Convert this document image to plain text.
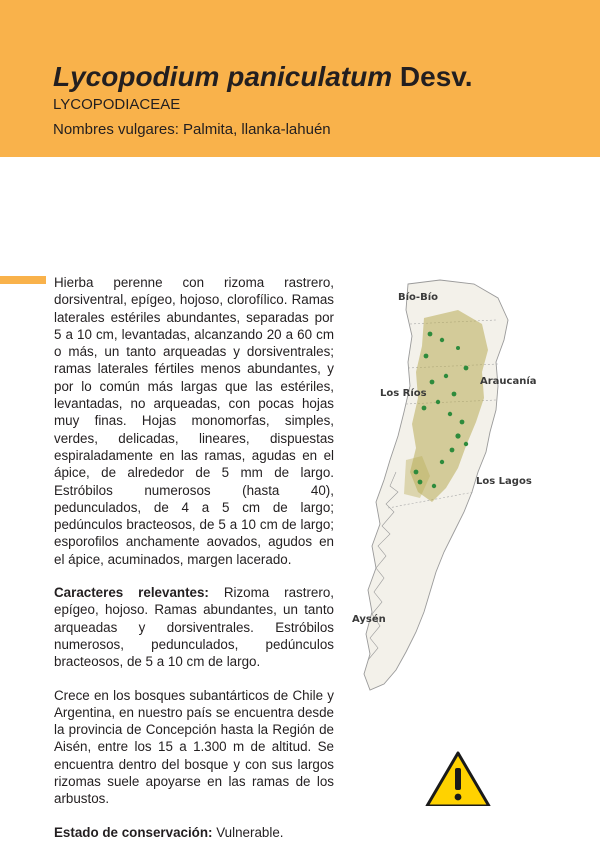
Lycopodium paniculatum Desv.
LYCOPODIACEAE
Nombres vulgares: Palmita, llanka-lahuén

Hierba perenne con rizoma rastrero, dorsiventral, epígeo, hojoso, clorofílico. Ramas laterales estériles abundantes, separadas por 5 a 10 cm, levantadas, alcanzando 20 a 60 cm o más, un tanto arqueadas y dorsiventrales; ramas laterales fértiles menos abundantes, y por lo común más largas que las estériles, levantadas, no arqueadas, con pocas hojas muy finas. Hojas monomorfas, simples, verdes, delicadas, lineares, dispuestas espiraladamente en las ramas, agudas en el ápice, de alrededor de 5 mm de largo. Estróbilos numerosos (hasta 40), pedunculados, de 4 a 5 cm de largo; pedúnculos bracteosos, de 5 a 10 cm de largo; esporofilos anchamente aovados, agudos en el ápice, acuminados, margen lacerado.

Caracteres relevantes: Rizoma rastrero, epígeo, hojoso. Ramas abundantes, un tanto arqueadas y dorsiventrales. Estróbilos numerosos, pedunculados, pedúnculos bracteosos, de 5 a 10 cm de largo.

Crece en los bosques subantárticos de Chile y Argentina, en nuestro país se encuentra desde la provincia de Concepción hasta la Región de Aisén, entre los 15 a 1.300 m de altitud. Se encuentra dentro del bosque y con sus largos rizomas suele apoyarse en las ramas de los arbustos.

Estado de conservación: Vulnerable.

Bío-Bío
Araucanía
Los Ríos
Los Lagos
Aysén
